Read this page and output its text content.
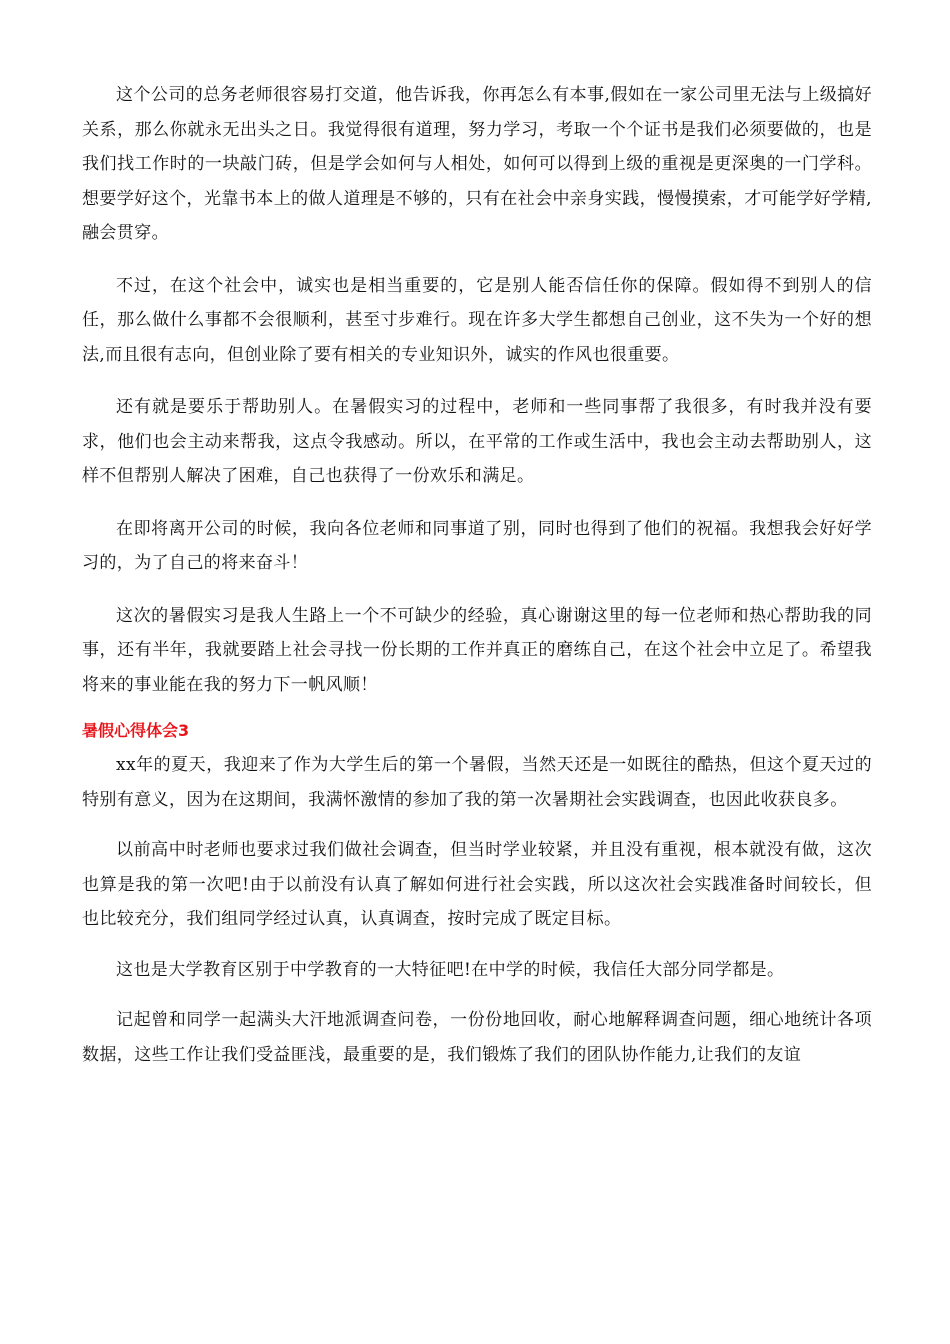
这个公司的总务老师很容易打交道，他告诉我，你再怎么有本事,假如在一家公司里无法与上级搞好关系，那么你就永无出头之日。我觉得很有道理，努力学习，考取一个个证书是我们必须要做的，也是我们找工作时的一块敲门砖，但是学会如何与人相处，如何可以得到上级的重视是更深奥的一门学科。想要学好这个，光靠书本上的做人道理是不够的，只有在社会中亲身实践，慢慢摸索，才可能学好学精,融会贯穿。

不过，在这个社会中，诚实也是相当重要的，它是别人能否信任你的保障。假如得不到别人的信任，那么做什么事都不会很顺利，甚至寸步难行。现在许多大学生都想自己创业，这不失为一个好的想法,而且很有志向，但创业除了要有相关的专业知识外，诚实的作风也很重要。

还有就是要乐于帮助别人。在暑假实习的过程中，老师和一些同事帮了我很多，有时我并没有要求，他们也会主动来帮我，这点令我感动。所以，在平常的工作或生活中，我也会主动去帮助别人，这样不但帮别人解决了困难，自己也获得了一份欢乐和满足。

在即将离开公司的时候，我向各位老师和同事道了别，同时也得到了他们的祝福。我想我会好好学习的，为了自己的将来奋斗！

这次的暑假实习是我人生路上一个不可缺少的经验，真心谢谢这里的每一位老师和热心帮助我的同事，还有半年，我就要踏上社会寻找一份长期的工作并真正的磨练自己，在这个社会中立足了。希望我将来的事业能在我的努力下一帆风顺！

暑假心得体会3

xx年的夏天，我迎来了作为大学生后的第一个暑假，当然天还是一如既往的酷热，但这个夏天过的特别有意义，因为在这期间，我满怀激情的参加了我的第一次暑期社会实践调查，也因此收获良多。

以前高中时老师也要求过我们做社会调查，但当时学业较紧，并且没有重视，根本就没有做，这次也算是我的第一次吧!由于以前没有认真了解如何进行社会实践，所以这次社会实践准备时间较长，但也比较充分，我们组同学经过认真，认真调查，按时完成了既定目标。

这也是大学教育区别于中学教育的一大特征吧!在中学的时候，我信任大部分同学都是。

记起曾和同学一起满头大汗地派调查问卷，一份份地回收，耐心地解释调查问题，细心地统计各项数据，这些工作让我们受益匪浅，最重要的是，我们锻炼了我们的团队协作能力,让我们的友谊
